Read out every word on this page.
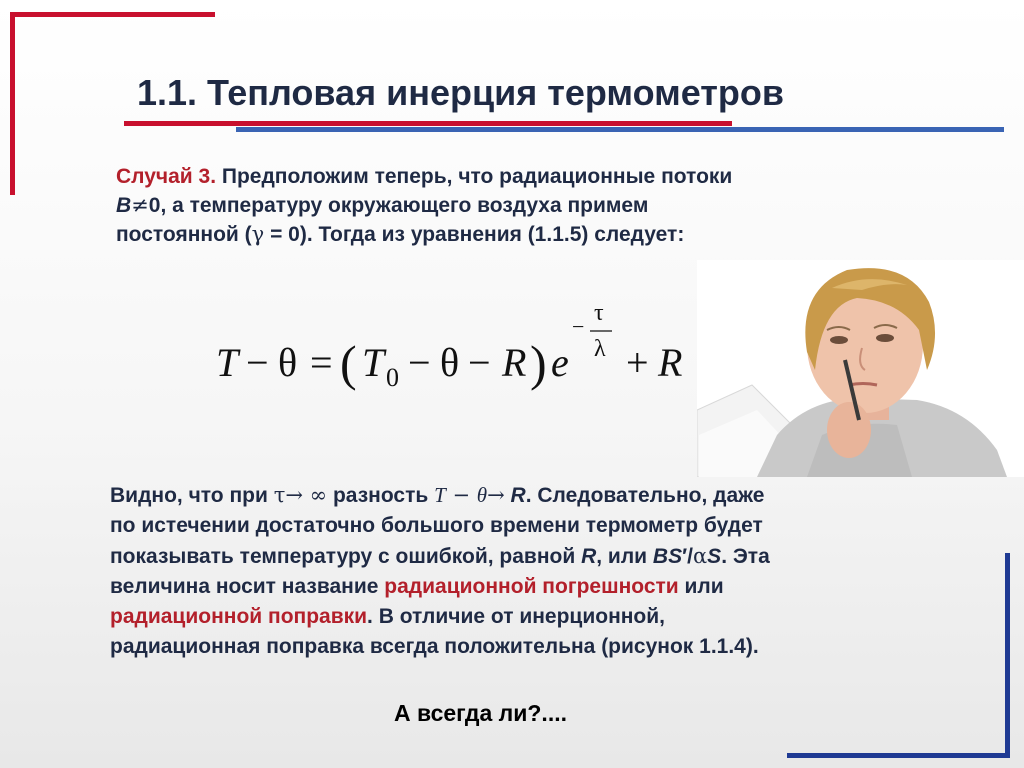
1.1. Тепловая инерция термометров
Случай 3. Предположим теперь, что радиационные потоки
B≠0, а температуру окружающего воздуха примем
постоянной (γ = 0). Тогда из уравнения (1.1.5) следует:
T − θ = ( T 0 − θ − R ) e
−
τ
λ + R
Видно, что при τ→ ∞ разность T − θ→ R. Следовательно, даже
по истечении достаточно большого времени термометр будет
показывать температуру с ошибкой, равной R, или BS′/αS. Эта
величина носит название радиационной погрешности или
радиационной поправки. В отличие от инерционной,
радиационная поправка всегда положительна (рисунок 1.1.4).

А всегда ли?....
